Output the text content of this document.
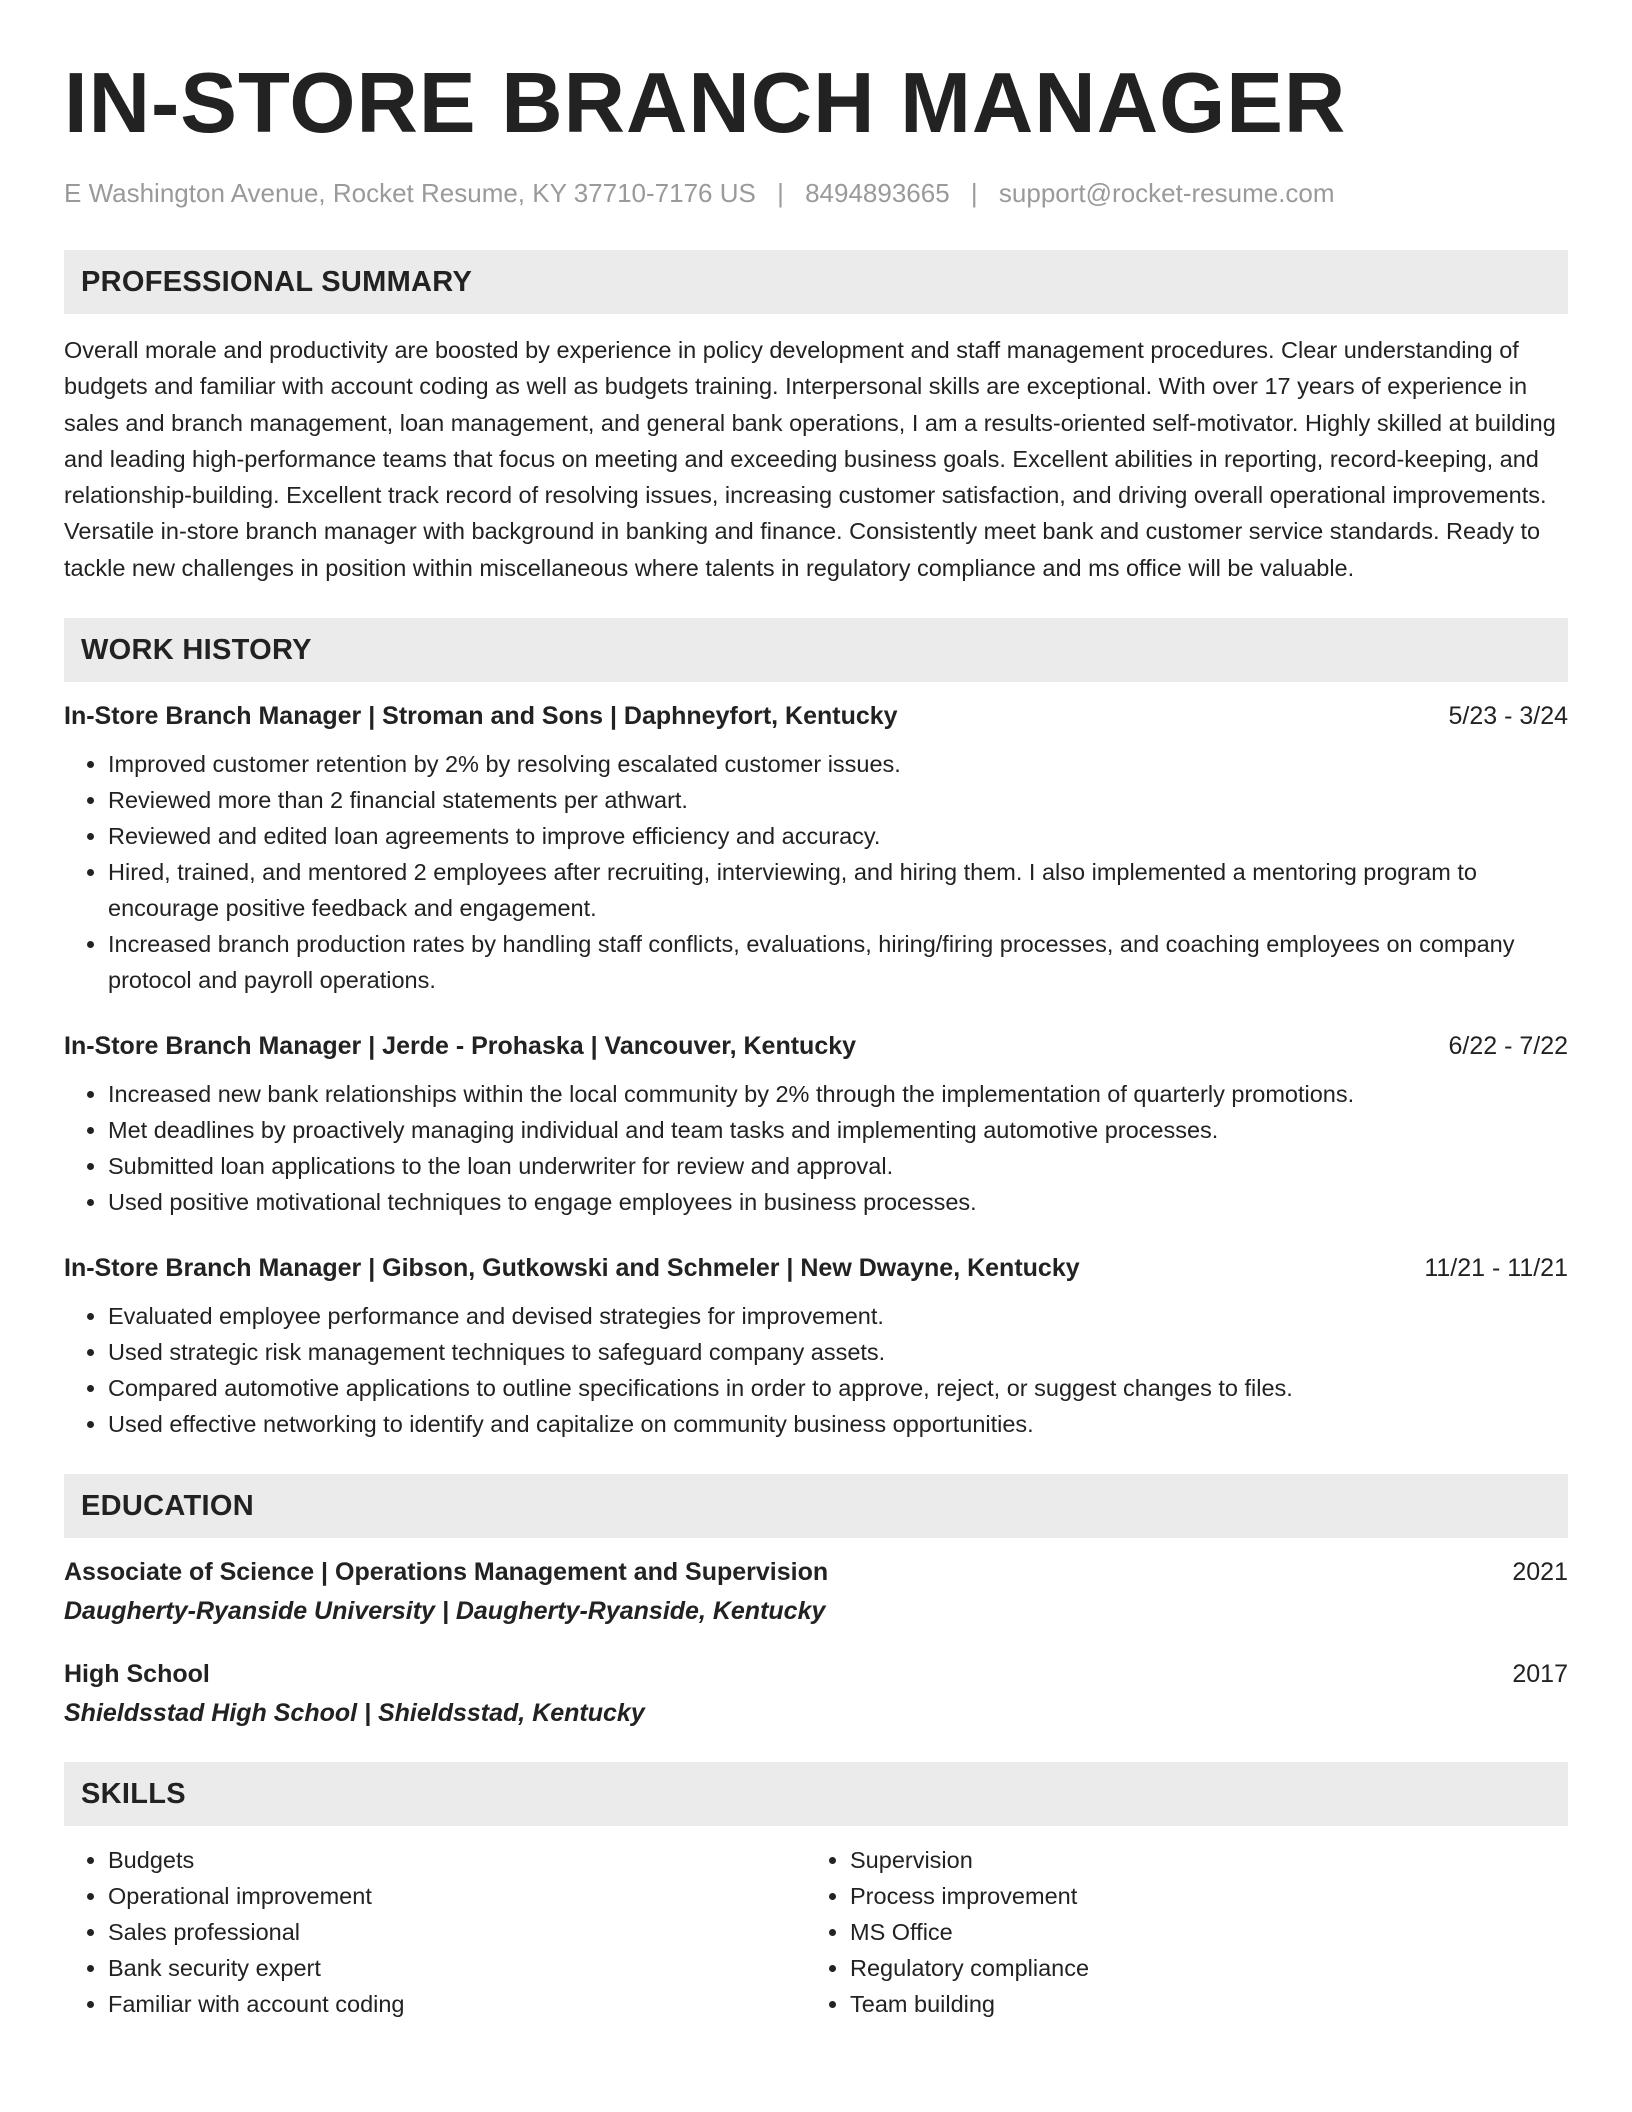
IN-STORE BRANCH MANAGER
E Washington Avenue, Rocket Resume, KY 37710-7176 US | 8494893665 | support@rocket-resume.com
PROFESSIONAL SUMMARY
Overall morale and productivity are boosted by experience in policy development and staff management procedures. Clear understanding of budgets and familiar with account coding as well as budgets training. Interpersonal skills are exceptional. With over 17 years of experience in sales and branch management, loan management, and general bank operations, I am a results-oriented self-motivator. Highly skilled at building and leading high-performance teams that focus on meeting and exceeding business goals. Excellent abilities in reporting, record-keeping, and relationship-building. Excellent track record of resolving issues, increasing customer satisfaction, and driving overall operational improvements. Versatile in-store branch manager with background in banking and finance. Consistently meet bank and customer service standards. Ready to tackle new challenges in position within miscellaneous where talents in regulatory compliance and ms office will be valuable.
WORK HISTORY
In-Store Branch Manager | Stroman and Sons | Daphneyfort, Kentucky	5/23 - 3/24
• Improved customer retention by 2% by resolving escalated customer issues.
• Reviewed more than 2 financial statements per athwart.
• Reviewed and edited loan agreements to improve efficiency and accuracy.
• Hired, trained, and mentored 2 employees after recruiting, interviewing, and hiring them. I also implemented a mentoring program to encourage positive feedback and engagement.
• Increased branch production rates by handling staff conflicts, evaluations, hiring/firing processes, and coaching employees on company protocol and payroll operations.
In-Store Branch Manager | Jerde - Prohaska | Vancouver, Kentucky	6/22 - 7/22
• Increased new bank relationships within the local community by 2% through the implementation of quarterly promotions.
• Met deadlines by proactively managing individual and team tasks and implementing automotive processes.
• Submitted loan applications to the loan underwriter for review and approval.
• Used positive motivational techniques to engage employees in business processes.
In-Store Branch Manager | Gibson, Gutkowski and Schmeler | New Dwayne, Kentucky	11/21 - 11/21
• Evaluated employee performance and devised strategies for improvement.
• Used strategic risk management techniques to safeguard company assets.
• Compared automotive applications to outline specifications in order to approve, reject, or suggest changes to files.
• Used effective networking to identify and capitalize on community business opportunities.
EDUCATION
Associate of Science | Operations Management and Supervision	2021
Daugherty-Ryanside University | Daugherty-Ryanside, Kentucky
High School	2017
Shieldsstad High School | Shieldsstad, Kentucky
SKILLS
• Budgets
• Operational improvement
• Sales professional
• Bank security expert
• Familiar with account coding
• Supervision
• Process improvement
• MS Office
• Regulatory compliance
• Team building
